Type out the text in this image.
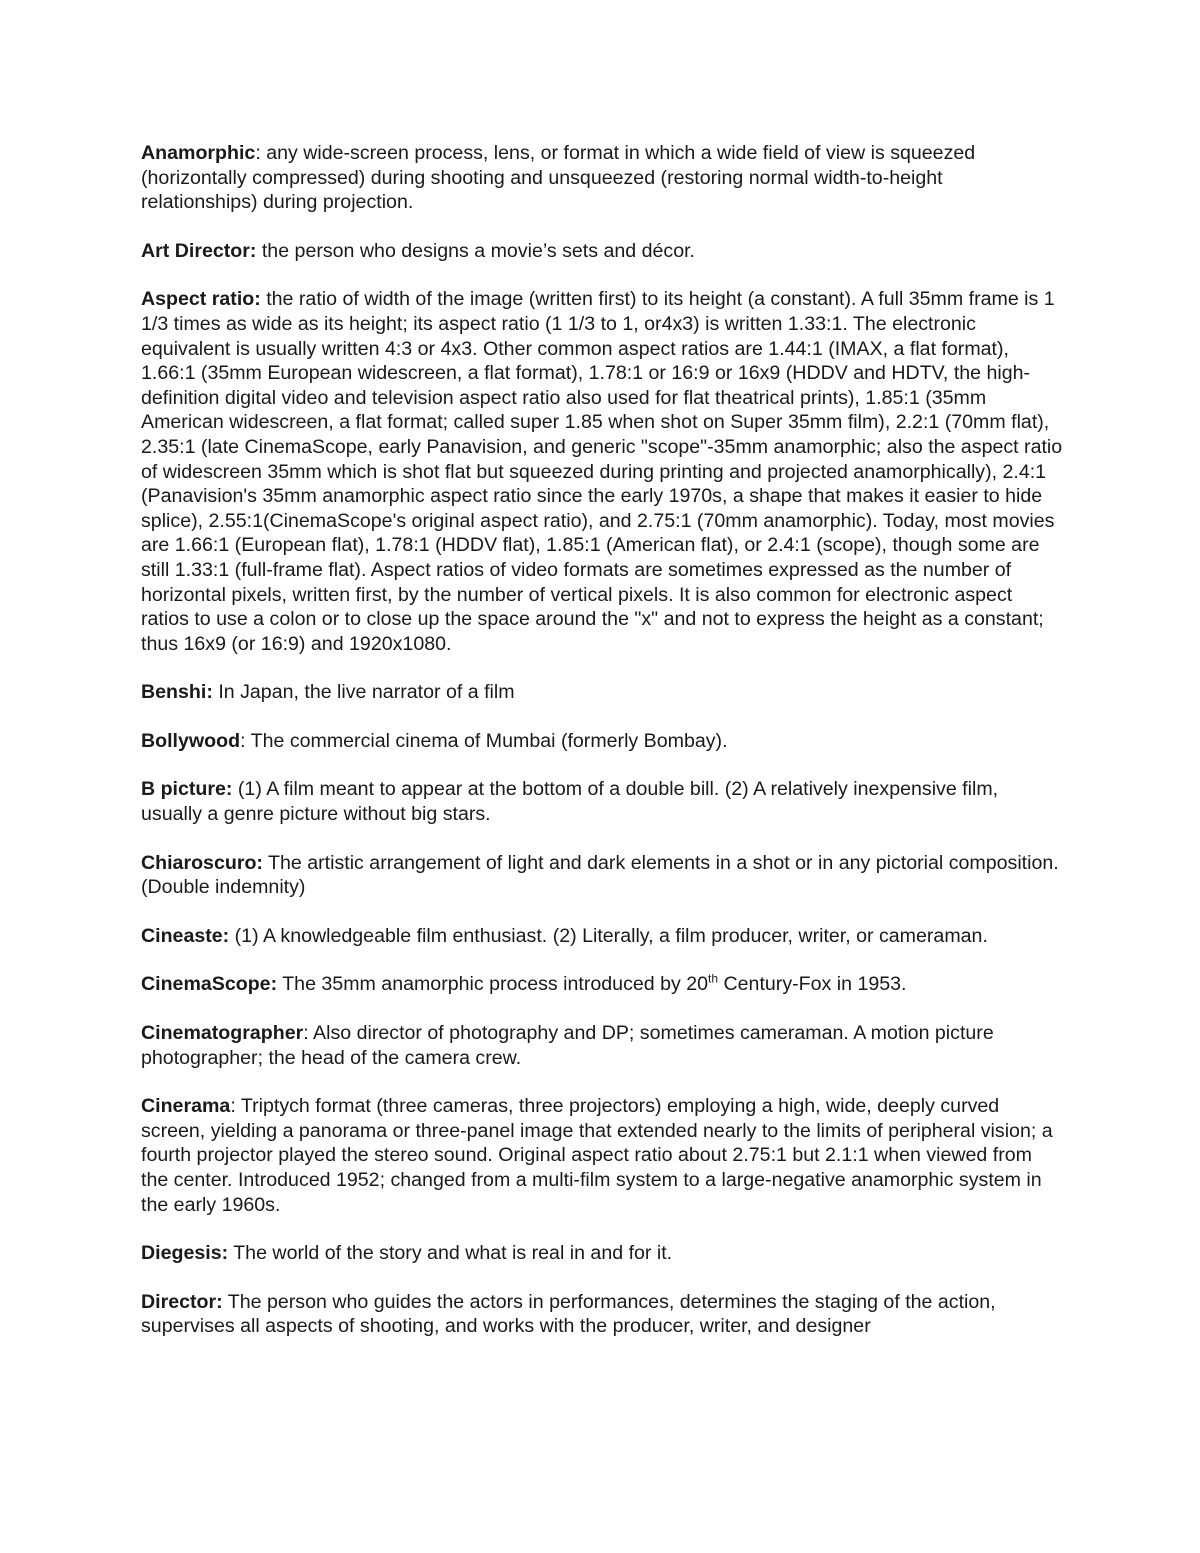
Anamorphic: any wide-screen process, lens, or format in which a wide field of view is squeezed (horizontally compressed) during shooting and unsqueezed (restoring normal width-to-height relationships) during projection.

Art Director: the person who designs a movie’s sets and décor.

Aspect ratio: the ratio of width of the image (written first) to its height (a constant). A full 35mm frame is 1 1/3 times as wide as its height; its aspect ratio (1 1/3 to 1, or4x3) is written 1.33:1. The electronic equivalent is usually written 4:3 or 4x3. Other common aspect ratios are 1.44:1 (IMAX, a flat format), 1.66:1 (35mm European widescreen, a flat format), 1.78:1 or 16:9 or 16x9 (HDDV and HDTV, the high-definition digital video and television aspect ratio also used for flat theatrical prints), 1.85:1 (35mm American widescreen, a flat format; called super 1.85 when shot on Super 35mm film), 2.2:1 (70mm flat), 2.35:1 (late CinemaScope, early Panavision, and generic "scope"-35mm anamorphic; also the aspect ratio of widescreen 35mm which is shot flat but squeezed during printing and projected anamorphically), 2.4:1 (Panavision's 35mm anamorphic aspect ratio since the early 1970s, a shape that makes it easier to hide splice), 2.55:1(CinemaScope's original aspect ratio), and 2.75:1 (70mm anamorphic). Today, most movies are 1.66:1 (European flat), 1.78:1 (HDDV flat), 1.85:1 (American flat), or 2.4:1 (scope), though some are still 1.33:1 (full-frame flat). Aspect ratios of video formats are sometimes expressed as the number of horizontal pixels, written first, by the number of vertical pixels. It is also common for electronic aspect ratios to use a colon or to close up the space around the "x" and not to express the height as a constant; thus 16x9 (or 16:9) and 1920x1080.

Benshi: In Japan, the live narrator of a film

Bollywood: The commercial cinema of Mumbai (formerly Bombay).

B picture: (1) A film meant to appear at the bottom of a double bill. (2) A relatively inexpensive film, usually a genre picture without big stars.

Chiaroscuro: The artistic arrangement of light and dark elements in a shot or in any pictorial composition. (Double indemnity)

Cineaste: (1) A knowledgeable film enthusiast. (2) Literally, a film producer, writer, or cameraman.

CinemaScope: The 35mm anamorphic process introduced by 20th Century-Fox in 1953.

Cinematographer: Also director of photography and DP; sometimes cameraman. A motion picture photographer; the head of the camera crew.

Cinerama: Triptych format (three cameras, three projectors) employing a high, wide, deeply curved screen, yielding a panorama or three-panel image that extended nearly to the limits of peripheral vision; a fourth projector played the stereo sound. Original aspect ratio about 2.75:1 but 2.1:1 when viewed from the center. Introduced 1952; changed from a multi-film system to a large-negative anamorphic system in the early 1960s.

Diegesis: The world of the story and what is real in and for it.

Director: The person who guides the actors in performances, determines the staging of the action, supervises all aspects of shooting, and works with the producer, writer, and designer
